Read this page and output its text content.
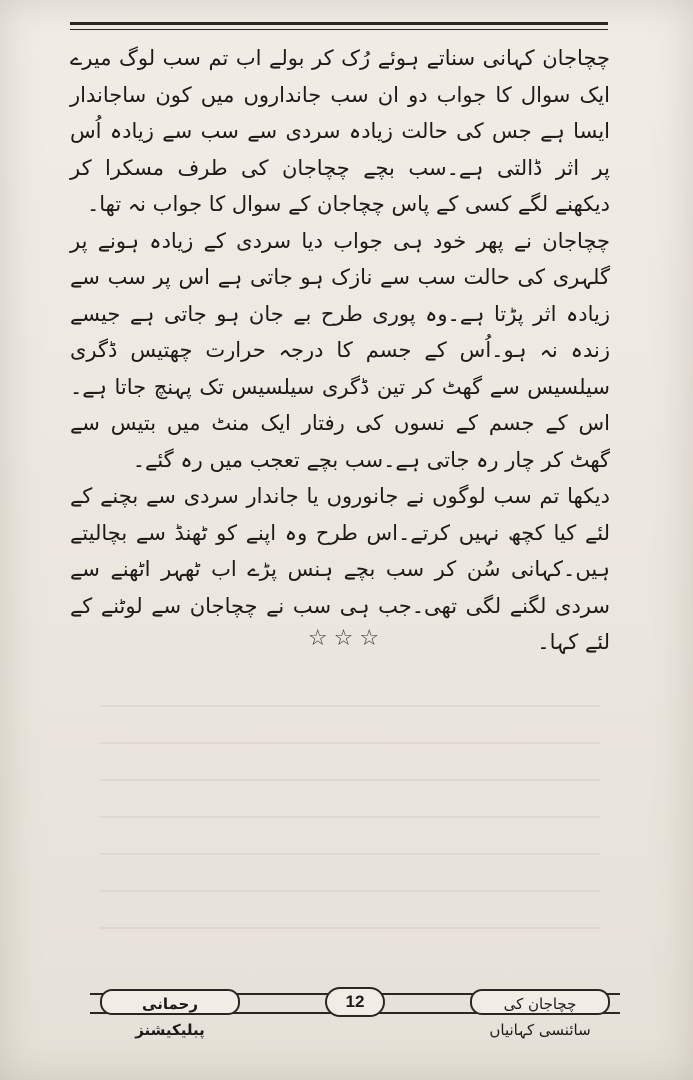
چچاجان کہانی سناتے ہوئے رُک کر بولے اب تم سب لوگ میرے ایک سوال کا جواب دو ان سب جانداروں میں کون ساجاندار ایسا ہے جس کی حالت زیادہ سردی سے سب سے زیادہ اُس پر اثر ڈالتی ہے۔سب بچے چچاجان کی طرف مسکرا کر دیکھنے لگے کسی کے پاس چچاجان کے سوال کا جواب نہ تھا۔

چچاجان نے پھر خود ہی جواب دیا سردی کے زیادہ ہونے پر گلہری کی حالت سب سے نازک ہو جاتی ہے اس پر سب سے زیادہ اثر پڑتا ہے۔وہ پوری طرح بے جان ہو جاتی ہے جیسے زندہ نہ ہو۔اُس کے جسم کا درجہ حرارت چھتیس ڈگری سیلسیس سے گھٹ کر تین ڈگری سیلسیس تک پہنچ جاتا ہے۔اس کے جسم کے نسوں کی رفتار ایک منٹ میں بتیس سے گھٹ کر چار رہ جاتی ہے۔سب بچے تعجب میں رہ گئے۔

دیکھا تم سب لوگوں نے جانوروں یا جاندار سردی سے بچنے کے لئے کیا کچھ نہیں کرتے۔اس طرح وہ اپنے کو ٹھنڈ سے بچالیتے ہیں۔کہانی سُن کر سب بچے ہنس پڑے اب ٹھہر اٹھنے سے سردی لگنے لگی تھی۔جب ہی سب نے چچاجان سے لوٹنے کے لئے کہا۔

☆☆☆
رحمانی پبلیکیشنز
12	چچاجان کی سائنسی کہانیاں
